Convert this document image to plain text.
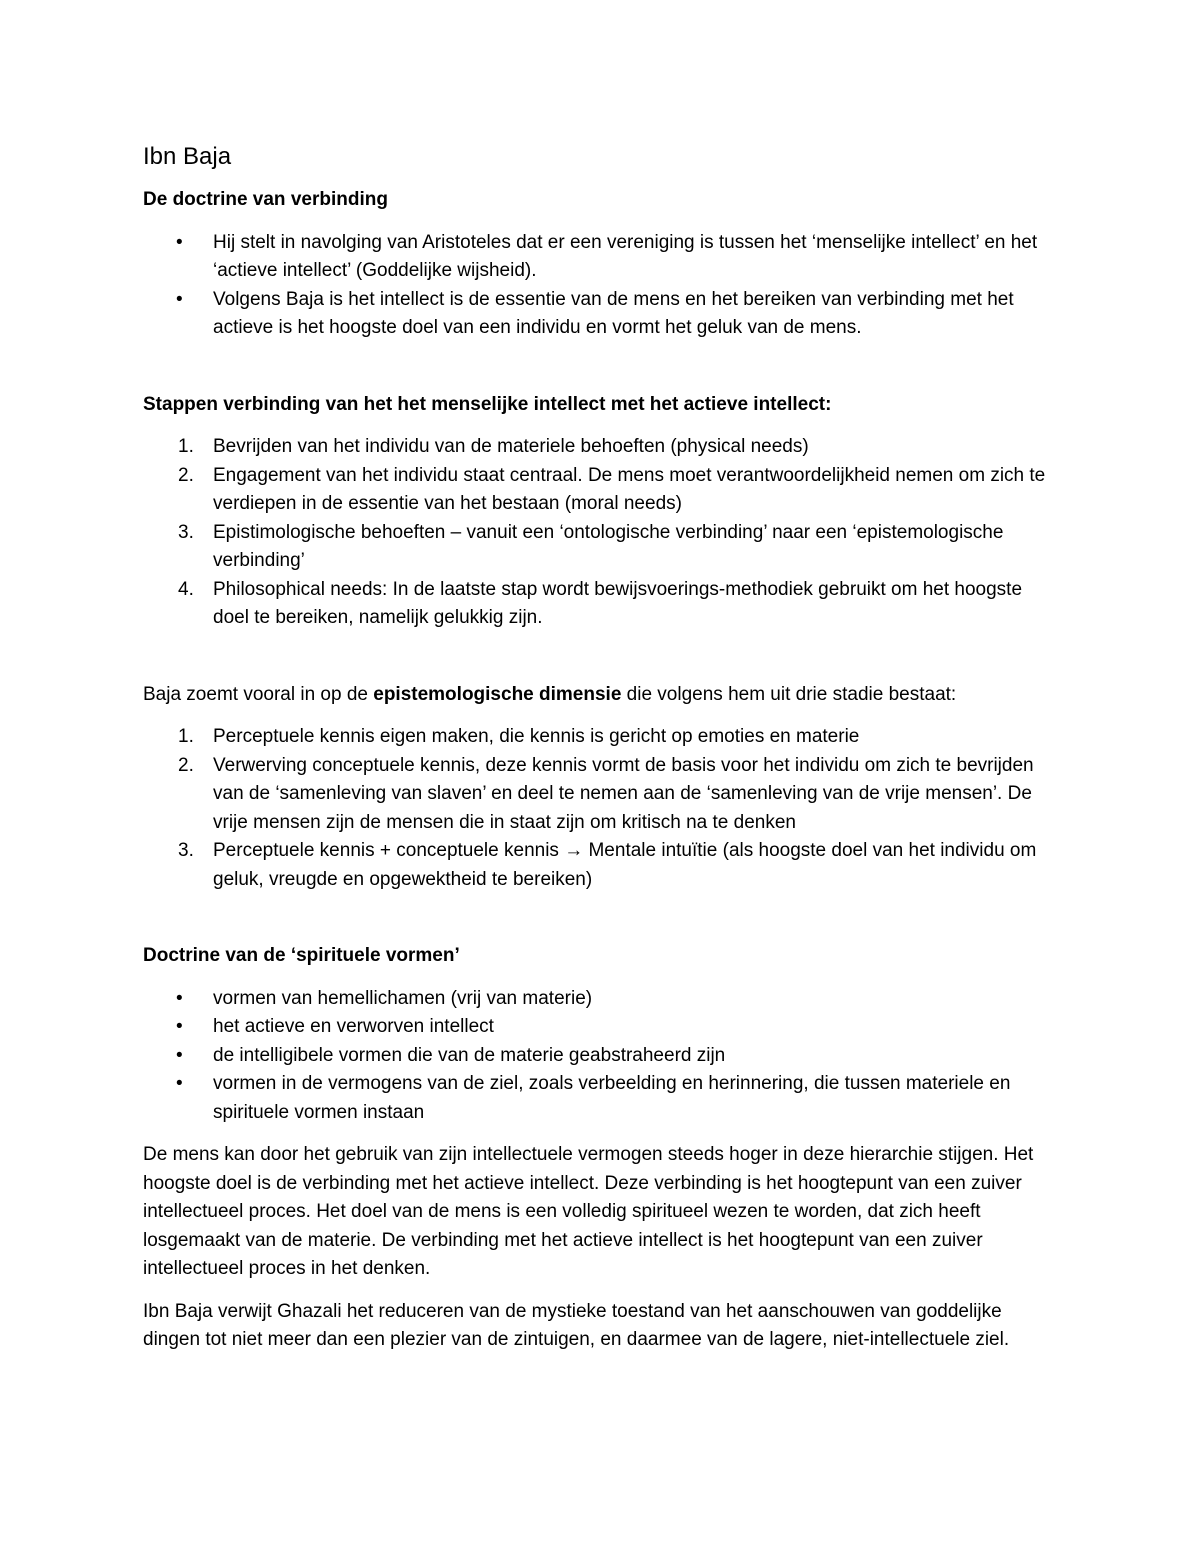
Ibn Baja
De doctrine van verbinding
•	Hij stelt in navolging van Aristoteles dat er een vereniging is tussen het ‘menselijke intellect’ en het ‘actieve intellect’ (Goddelijke wijsheid).
•	Volgens Baja is het intellect is de essentie van de mens en het bereiken van verbinding met het actieve is het hoogste doel van een individu en vormt het geluk van de mens.
Stappen verbinding van het het menselijke intellect met het actieve intellect:
1.	Bevrijden van het individu van de materiele behoeften (physical needs)
2.	Engagement van het individu staat centraal. De mens moet verantwoordelijkheid nemen om zich te verdiepen in de essentie van het bestaan (moral needs)
3.	Epistimologische behoeften – vanuit een ‘ontologische verbinding’ naar een ‘epistemologische verbinding’
4.	Philosophical needs: In de laatste stap wordt bewijsvoerings-methodiek gebruikt om het hoogste doel te bereiken, namelijk gelukkig zijn.

Baja zoemt vooral in op de epistemologische dimensie die volgens hem uit drie stadie bestaat:

1.	Perceptuele kennis eigen maken, die kennis is gericht op emoties en materie
2.	Verwerving conceptuele kennis, deze kennis vormt de basis voor het individu om zich te bevrijden van de ‘samenleving van slaven’ en deel te nemen aan de ‘samenleving van de vrije mensen’. De vrije mensen zijn de mensen die in staat zijn om kritisch na te denken
3.	Perceptuele kennis + conceptuele kennis → Mentale intuïtie (als hoogste doel van het individu om geluk, vreugde en opgewektheid te bereiken)
Doctrine van de ‘spirituele vormen’
•	vormen van hemellichamen (vrij van materie)
•	het actieve en verworven intellect
•	de intelligibele vormen die van de materie geabstraheerd zijn
•	vormen in de vermogens van de ziel, zoals verbeelding en herinnering, die tussen materiele en spirituele vormen instaan

De mens kan door het gebruik van zijn intellectuele vermogen steeds hoger in deze hierarchie stijgen. Het hoogste doel is de verbinding met het actieve intellect. Deze verbinding is het hoogtepunt van een zuiver intellectueel proces. Het doel van de mens is een volledig spiritueel wezen te worden, dat zich heeft losgemaakt van de materie. De verbinding met het actieve intellect is het hoogtepunt van een zuiver intellectueel proces in het denken.

Ibn Baja verwijt Ghazali het reduceren van de mystieke toestand van het aanschouwen van goddelijke dingen tot niet meer dan een plezier van de zintuigen, en daarmee van de lagere, niet-intellectuele ziel.
